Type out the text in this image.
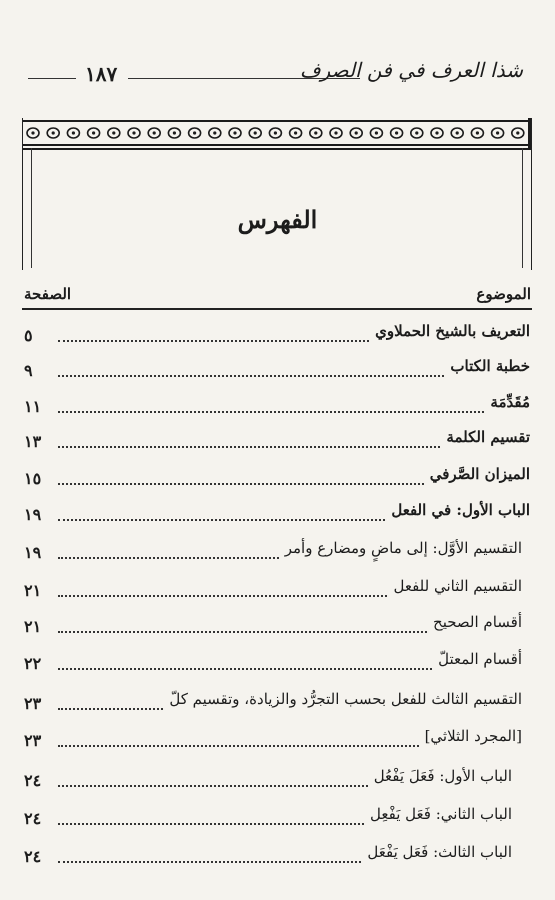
١٨٧	شذا العرف في فن الصرف
الفهرس
الصفحة	الموضوع
٥	التعريف بالشيخ الحملاوي
٩	خطبة الكتاب
١١	مُقَدِّمَة
١٣	تقسيم الكلمة
١٥	الميزان الصَّرفي
١٩	الباب الأول: في الفعل
١٩	التقسيم الأوَّل: إلى ماضٍ ومضارع وأمر
٢١	التقسيم الثاني للفعل
٢١	أقسام الصحيح
٢٢	أقسام المعتلّ
٢٣	التقسيم الثالث للفعل بحسب التجرُّد والزيادة، وتقسيم كلّ
٢٣	[المجرد الثلاثي]
٢٤	الباب الأول: فَعَلَ يَفْعُل
٢٤	الباب الثاني: فَعَل يَفْعِل
٢٤	الباب الثالث: فَعَل يَفْعَل
